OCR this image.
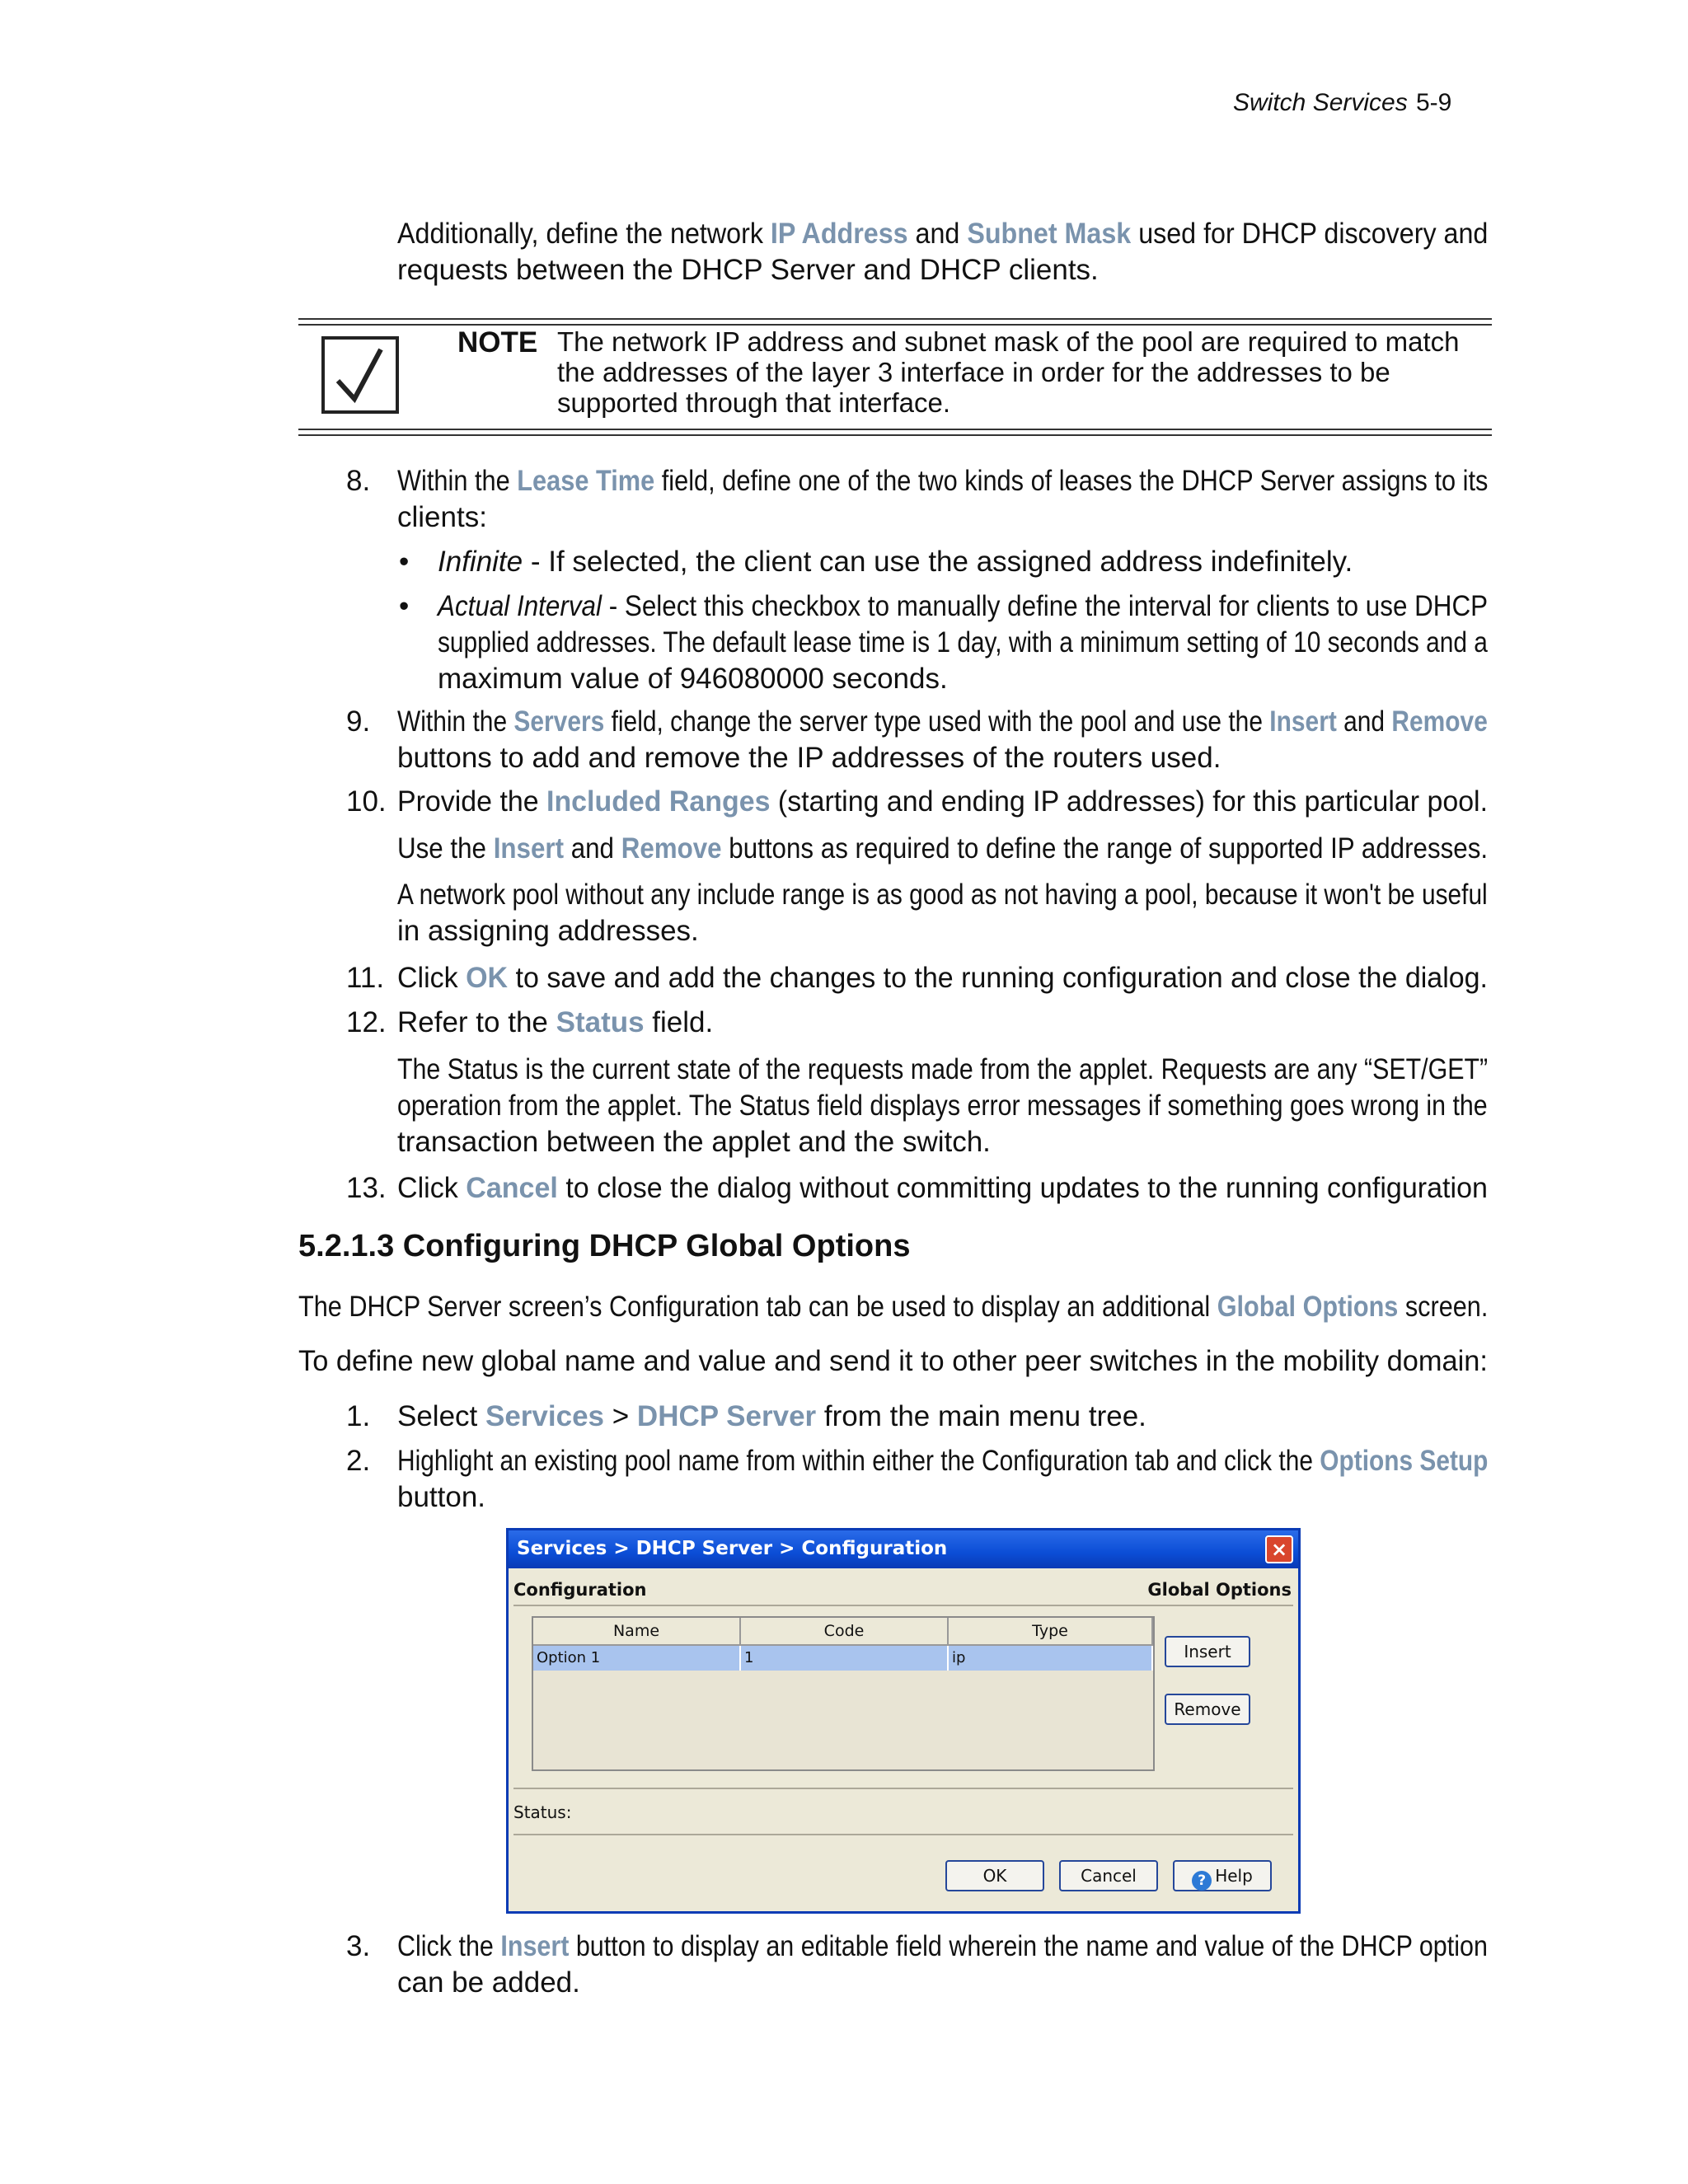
Switch Services 5-9
Additionally, define the network IP Address and Subnet Mask used for DHCP discovery and
requests between the DHCP Server and DHCP clients.
NOTE The network IP address and subnet mask of the pool are required to match the addresses of the layer 3 interface in order for the addresses to be supported through that interface.
8. Within the Lease Time field, define one of the two kinds of leases the DHCP Server assigns to its
clients:
• Infinite - If selected, the client can use the assigned address indefinitely.
• Actual Interval - Select this checkbox to manually define the interval for clients to use DHCP
supplied addresses. The default lease time is 1 day, with a minimum setting of 10 seconds and a
maximum value of 946080000 seconds.
9. Within the Servers field, change the server type used with the pool and use the Insert and Remove
buttons to add and remove the IP addresses of the routers used.
10. Provide the Included Ranges (starting and ending IP addresses) for this particular pool.
Use the Insert and Remove buttons as required to define the range of supported IP addresses.
A network pool without any include range is as good as not having a pool, because it won't be useful
in assigning addresses.
11. Click OK to save and add the changes to the running configuration and close the dialog.
12. Refer to the Status field.
The Status is the current state of the requests made from the applet. Requests are any “SET/GET”
operation from the applet. The Status field displays error messages if something goes wrong in the
transaction between the applet and the switch.
13. Click Cancel to close the dialog without committing updates to the running configuration
5.2.1.3 Configuring DHCP Global Options
The DHCP Server screen’s Configuration tab can be used to display an additional Global Options screen.
To define new global name and value and send it to other peer switches in the mobility domain:
1. Select Services > DHCP Server from the main menu tree.
2. Highlight an existing pool name from within either the Configuration tab and click the Options Setup
button.
Services > DHCP Server > Configuration	×
Configuration	Global Options
Name	Code	Type
Option 1	1	ip	Insert
Remove
Status:
OK	Cancel	? Help
3. Click the Insert button to display an editable field wherein the name and value of the DHCP option
can be added.
